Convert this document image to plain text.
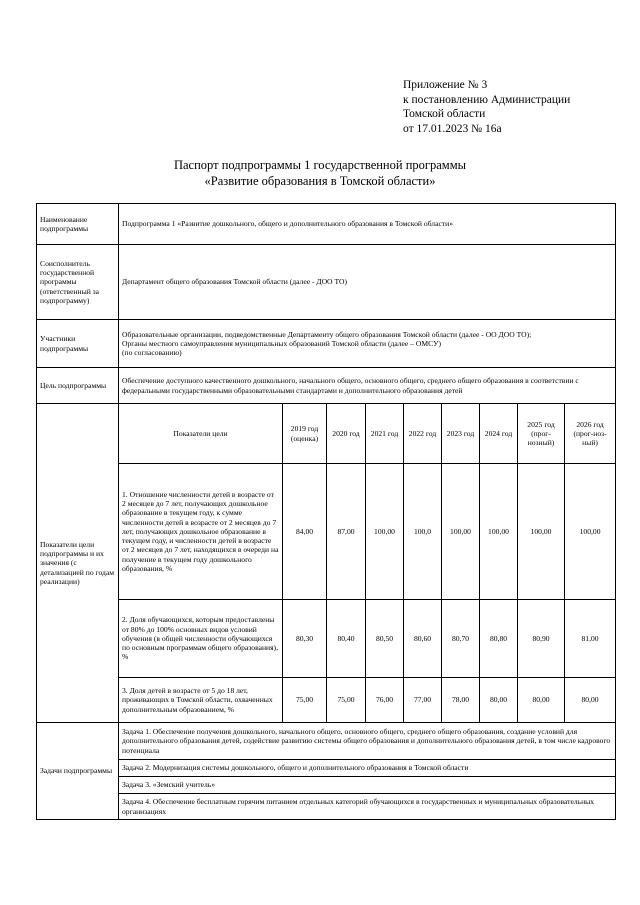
Приложение № 3
к постановлению Администрации
Томской области
от 17.01.2023 № 16а
Паспорт подпрограммы 1 государственной программы
«Развитие образования в Томской области»
Наименование подпрограммы	Подпрограмма 1 «Развитие дошкольного, общего и дополнительного образования в Томской области»								
Соисполнитель государственной программы (ответственный за подпрограмму)	Департамент общего образования Томской области (далее - ДОО ТО)								
Участники подпрограммы	Образовательные организации, подведомственные Департаменту общего образования Томской области (далее - ОО ДОО ТО);
Органы местного самоуправления муниципальных образований Томской области (далее – ОМСУ)
(по согласованию)								

Цель подпрограммы	Обеспечение доступного качественного дошкольного, начального общего, основного общего, среднего общего образования в соответствии с федеральными государственными образовательными стандартами и дополнительного образования детей								
Показатели цели подпрограммы и их значения (с детализацией по годам реализации)	Показатели цели	2019 год (оценка)	2020 год	2021 год	2022 год	2023 год	2024 год	2025 год (прог-нозный)	2026 год (прог-ноз-ный)
	1. Отношение численности детей в возрасте от 2 месяцев до 7 лет, получающих дошкольное образование в текущем году, к сумме численности детей в возрасте от 2 месяцев до 7 лет, получающих дошкольное образование в текущем году, и численности детей в возрасте от 2 месяцев до 7 лет, находящихся в очереди на получение в текущем году дошкольного образования, %	84,00	87,00	100,00	100,0	100,00	100,00	100,00	100,00
	2. Доля обучающихся, которым предоставлены от 80% до 100% основных видов условий обучения (в общей численности обучающихся по основным программам общего образования), %	80,30	80,40	80,50	80,60	80,70	80,80	80,90	81,00
	3. Доля детей в возрасте от 5 до 18 лет, проживающих в Томской области, охваченных дополнительным образованием, %	75,00	75,00	76,00	77,00	78,00	80,00	80,00	80,00
Задачи подпрограммы	Задача 1. Обеспечение получения дошкольного, начального общего, основного общего, среднего общего образования, создание условий для дополнительного образования детей, содействие развитию системы общего образования и дополнительного образования детей, в том числе кадрового потенциала								
	Задача 2. Модернизация системы дошкольного, общего и дополнительного образования в Томской области								
	Задача 3. «Земский учитель»								
	Задача 4. Обеспечение бесплатным горячим питанием отдельных категорий обучающихся в государственных и муниципальных образовательных организациях								
